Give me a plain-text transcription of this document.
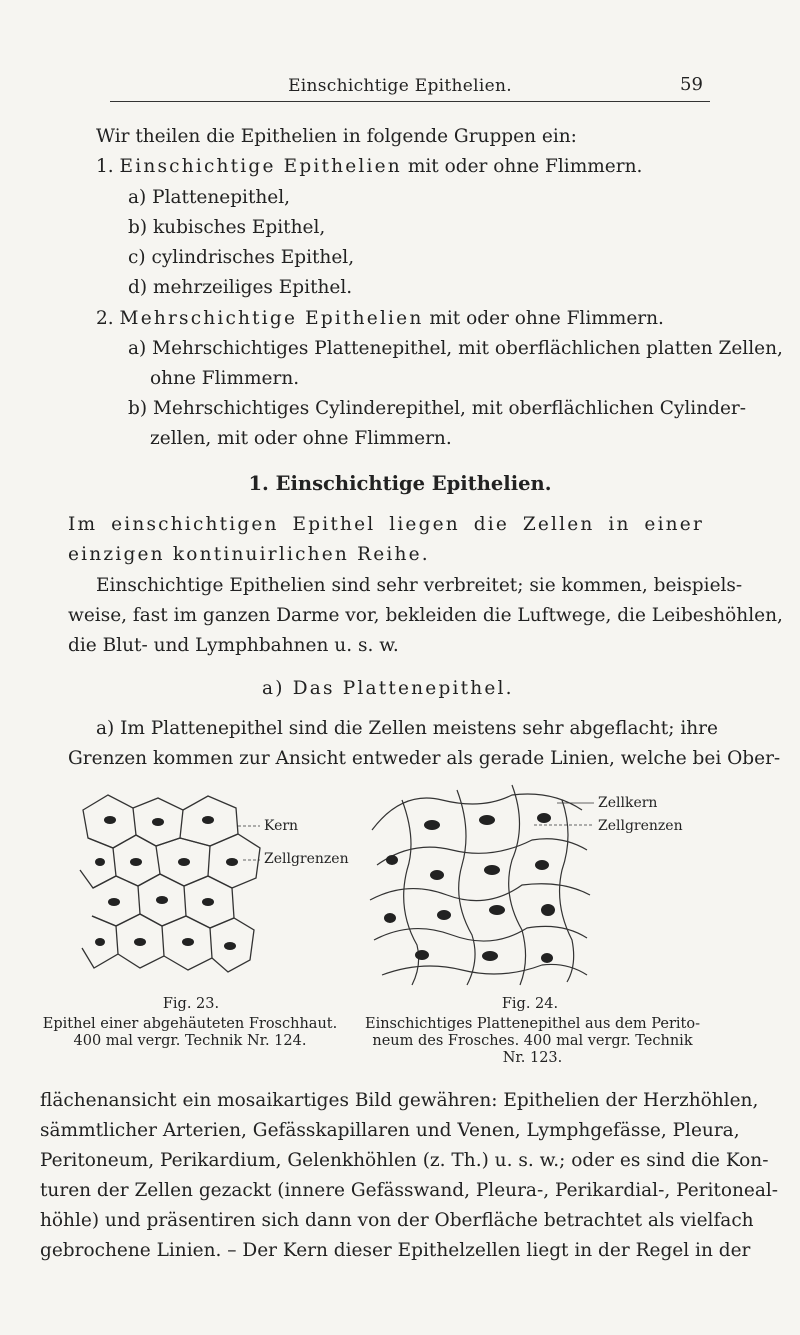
Einschichtige Epithelien.	59
Wir theilen die Epithelien in folgende Gruppen ein:
1. Einschichtige Epithelien mit oder ohne Flimmern.
a) Plattenepithel,
b) kubisches Epithel,
c) cylindrisches Epithel,
d) mehrzeiliges Epithel.
2. Mehrschichtige Epithelien mit oder ohne Flimmern.
a) Mehrschichtiges Plattenepithel, mit oberflächlichen platten Zellen,
ohne Flimmern.
b) Mehrschichtiges Cylinderepithel, mit oberflächlichen Cylinder-
zellen, mit oder ohne Flimmern.
1. Einschichtige Epithelien.
Im einschichtigen Epithel liegen die Zellen in einer
einzigen kontinuirlichen Reihe.
Einschichtige Epithelien sind sehr verbreitet; sie kommen, beispiels-
weise, fast im ganzen Darme vor, bekleiden die Luftwege, die Leibeshöhlen,
die Blut- und Lymphbahnen u. s. w.
a) Das Plattenepithel.
a) Im Plattenepithel sind die Zellen meistens sehr abgeflacht; ihre
Grenzen kommen zur Ansicht entweder als gerade Linien, welche bei Ober-
Kern
Zellgrenzen
Zellkern
Zellgrenzen
Fig. 23.
Epithel einer abgehäuteten Froschhaut.
400 mal vergr. Technik Nr. 124.
Fig. 24.
Einschichtiges Plattenepithel aus dem Perito-
neum des Frosches. 400 mal vergr. Technik
Nr. 123.
flächenansicht ein mosaikartiges Bild gewähren: Epithelien der Herzhöhlen,
sämmtlicher Arterien, Gefässkapillaren und Venen, Lymphgefässe, Pleura,
Peritoneum, Perikardium, Gelenkhöhlen (z. Th.) u. s. w.; oder es sind die Kon-
turen der Zellen gezackt (innere Gefässwand, Pleura-, Perikardial-, Peritoneal-
höhle) und präsentiren sich dann von der Oberfläche betrachtet als vielfach
gebrochene Linien. – Der Kern dieser Epithelzellen liegt in der Regel in der
